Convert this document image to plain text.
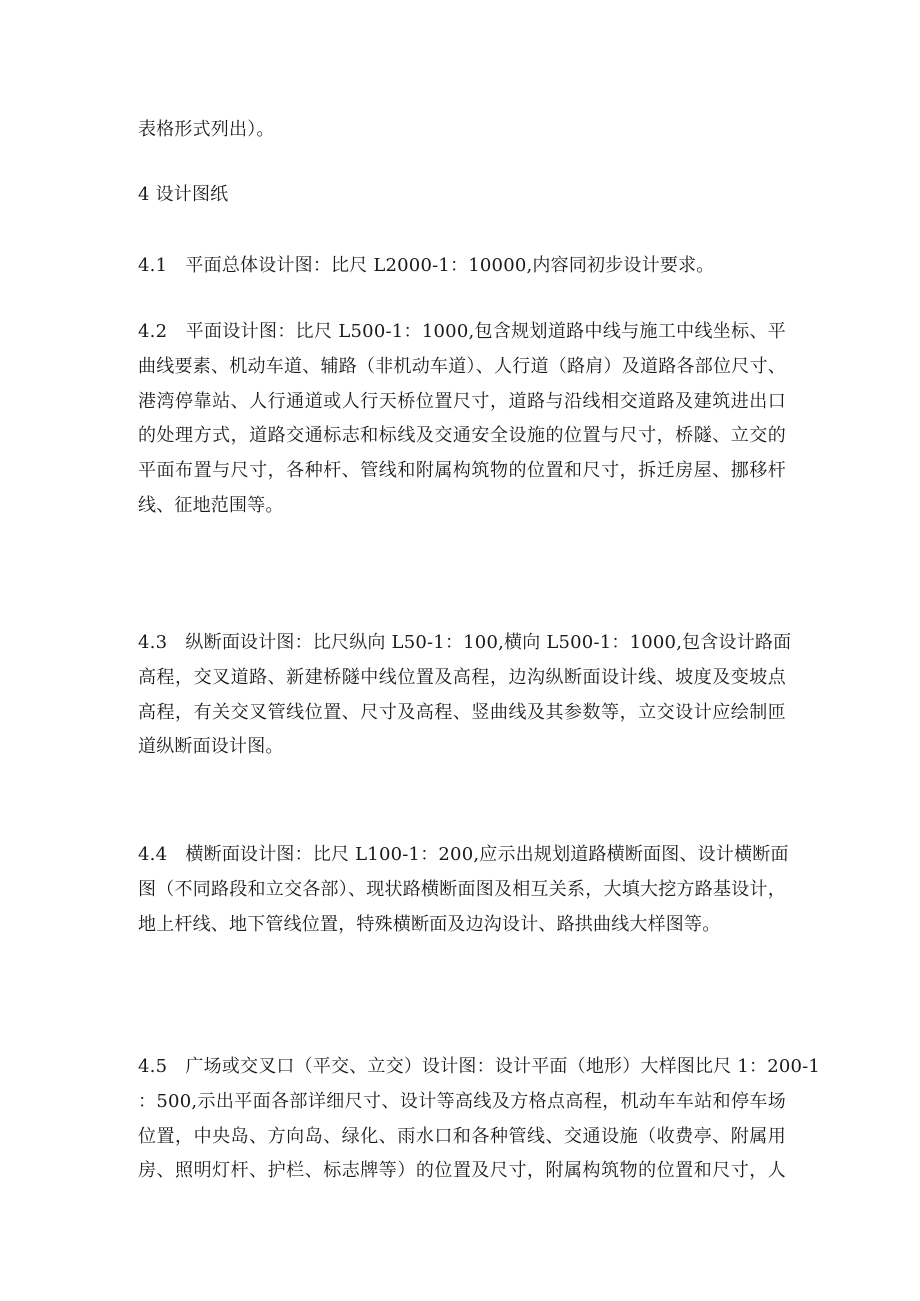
表格形式列出）。
4 设计图纸
4.1　平面总体设计图：比尺 L2000-1：10000,内容同初步设计要求。
4.2　平面设计图：比尺 L500-1：1000,包含规划道路中线与施工中线坐标、平
曲线要素、机动车道、辅路（非机动车道）、人行道（路肩）及道路各部位尺寸、
港湾停靠站、人行通道或人行天桥位置尺寸，道路与沿线相交道路及建筑进出口
的处理方式，道路交通标志和标线及交通安全设施的位置与尺寸，桥隧、立交的
平面布置与尺寸，各种杆、管线和附属构筑物的位置和尺寸，拆迁房屋、挪移杆
线、征地范围等。
4.3　纵断面设计图：比尺纵向 L50-1：100,横向 L500-1：1000,包含设计路面
高程，交叉道路、新建桥隧中线位置及高程，边沟纵断面设计线、坡度及变坡点
高程，有关交叉管线位置、尺寸及高程、竖曲线及其参数等，立交设计应绘制匝
道纵断面设计图。
4.4　横断面设计图：比尺 L100-1：200,应示出规划道路横断面图、设计横断面
图（不同路段和立交各部）、现状路横断面图及相互关系，大填大挖方路基设计，
地上杆线、地下管线位置，特殊横断面及边沟设计、路拱曲线大样图等。
4.5　广场或交叉口（平交、立交）设计图：设计平面（地形）大样图比尺 1：200-1
：500,示出平面各部详细尺寸、设计等高线及方格点高程，机动车车站和停车场
位置，中央岛、方向岛、绿化、雨水口和各种管线、交通设施（收费亭、附属用
房、照明灯杆、护栏、标志牌等）的位置及尺寸，附属构筑物的位置和尺寸，人
